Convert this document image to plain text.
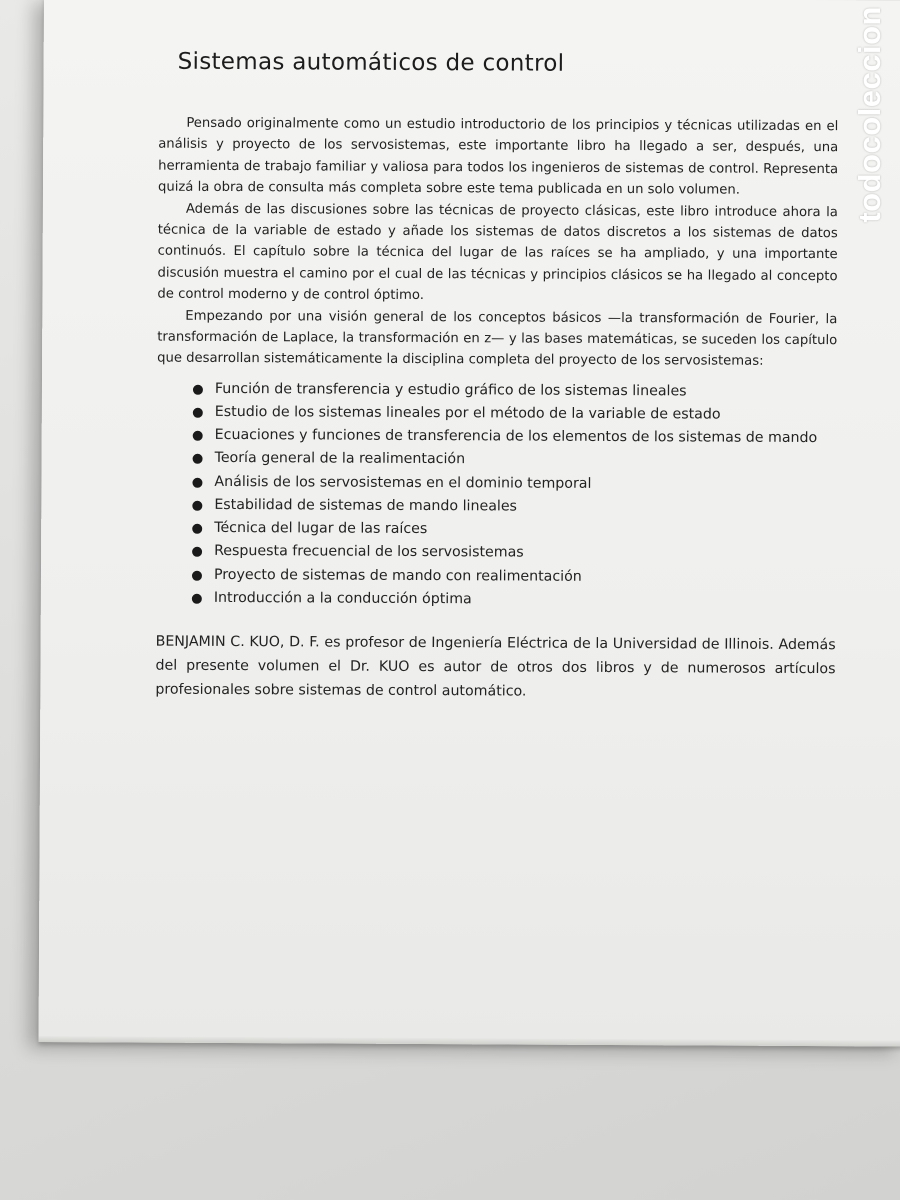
Sistemas automáticos de control

Pensado originalmente como un estudio introductorio de los principios y técnicas utilizadas en el análisis y proyecto de los servosistemas, este importante libro ha llegado a ser, después, una herramienta de trabajo familiar y valiosa para todos los ingenieros de sistemas de control. Representa quizá la obra de consulta más completa sobre este tema publicada en un solo volumen.

Además de las discusiones sobre las técnicas de proyecto clásicas, este libro introduce ahora la técnica de la variable de estado y añade los sistemas de datos discretos a los sistemas de datos continuós. El capítulo sobre la técnica del lugar de las raíces se ha ampliado, y una importante discusión muestra el camino por el cual de las técnicas y principios clásicos se ha llegado al concepto de control moderno y de control óptimo.

Empezando por una visión general de los conceptos básicos —la transformación de Fourier, la transformación de Laplace, la transformación en z— y las bases matemáticas, se suceden los capítulo que desarrollan sistemáticamente la disciplina completa del proyecto de los servosistemas:

Función de transferencia y estudio gráfico de los sistemas lineales
Estudio de los sistemas lineales por el método de la variable de estado
Ecuaciones y funciones de transferencia de los elementos de los sistemas de mando
Teoría general de la realimentación
Análisis de los servosistemas en el dominio temporal
Estabilidad de sistemas de mando lineales
Técnica del lugar de las raíces
Respuesta frecuencial de los servosistemas
Proyecto de sistemas de mando con realimentación
Introducción a la conducción óptima

BENJAMIN C. KUO, D. F. es profesor de Ingeniería Eléctrica de la Universidad de Illinois. Además del presente volumen el Dr. KUO es autor de otros dos libros y de numerosos artículos profesionales sobre sistemas de control automático.

todocoleccion
